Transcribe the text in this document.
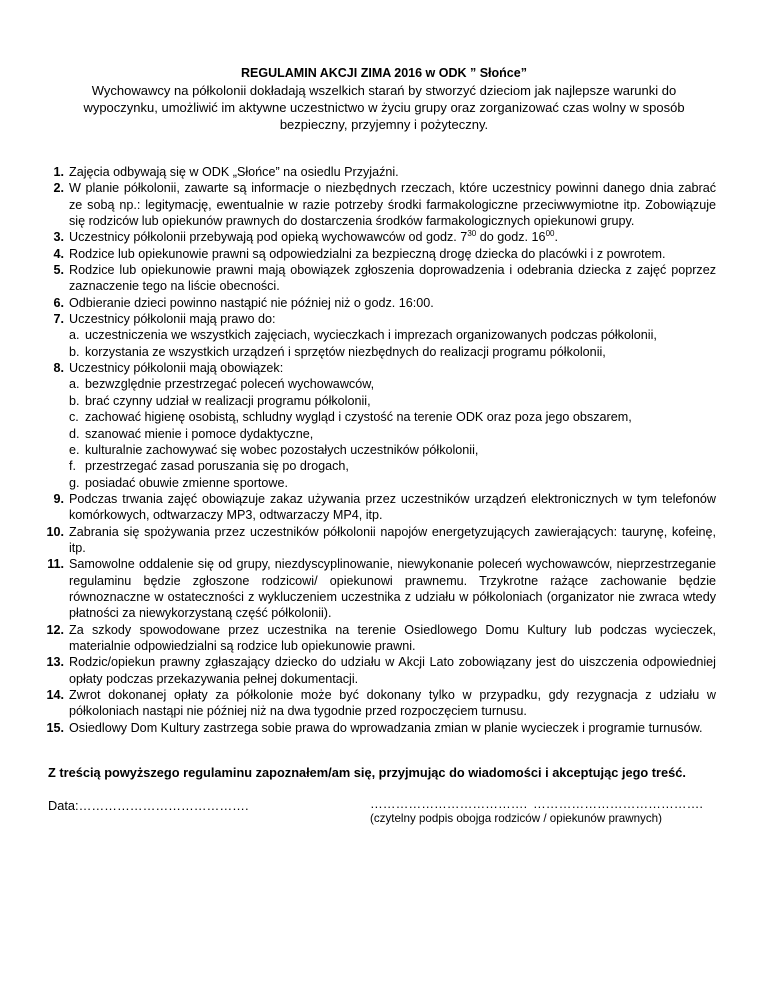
REGULAMIN AKCJI ZIMA 2016 w ODK ” Słońce”
Wychowawcy na półkolonii dokładają wszelkich starań by stworzyć dzieciom jak najlepsze warunki do wypoczynku, umożliwić im aktywne uczestnictwo w życiu grupy oraz zorganizować czas wolny w sposób bezpieczny, przyjemny i pożyteczny.
1. Zajęcia odbywają się w ODK „Słońce” na osiedlu Przyjaźni.
2. W planie półkolonii, zawarte są informacje o niezbędnych rzeczach, które uczestnicy powinni danego dnia zabrać ze sobą np.: legitymację, ewentualnie w razie potrzeby środki farmakologiczne przeciwwymiotne itp. Zobowiązuje się rodziców lub opiekunów prawnych do dostarczenia środków farmakologicznych opiekunowi grupy.
3. Uczestnicy półkolonii przebywają pod opieką wychowawców od godz. $7^{30}$ do godz. $16^{00}$.
4. Rodzice lub opiekunowie prawni są odpowiedzialni za bezpieczną drogę dziecka do placówki i z powrotem.
5. Rodzice lub opiekunowie prawni mają obowiązek zgłoszenia doprowadzenia i odebrania dziecka z zajęć poprzez zaznaczenie tego na liście obecności.
6. Odbieranie dzieci powinno nastąpić nie później niż o godz. 16:00.
7. Uczestnicy półkolonii mają prawo do:
a. uczestniczenia we wszystkich zajęciach, wycieczkach i imprezach organizowanych podczas półkolonii,
b. korzystania ze wszystkich urządzeń i sprzętów niezbędnych do realizacji programu półkolonii,
8. Uczestnicy półkolonii mają obowiązek:
a. bezwzględnie przestrzegać poleceń wychowawców,
b. brać czynny udział w realizacji programu półkolonii,
c. zachować higienę osobistą, schludny wygląd i czystość na terenie ODK oraz poza jego obszarem,
d. szanować mienie i pomoce dydaktyczne,
e. kulturalnie zachowywać się wobec pozostałych uczestników półkolonii,
f. przestrzegać zasad poruszania się po drogach,
g. posiadać obuwie zmienne sportowe.
9. Podczas trwania zajęć obowiązuje zakaz używania przez uczestników urządzeń elektronicznych w tym telefonów komórkowych, odtwarzaczy MP3, odtwarzaczy MP4, itp.
10. Zabrania się spożywania przez uczestników półkolonii napojów energetyzujących zawierających: taurynę, kofeinę, itp.
11. Samowolne oddalenie się od grupy, niezdyscyplinowanie, niewykonanie poleceń wychowawców, nieprzestrzeganie regulaminu będzie zgłoszone rodzicowi/ opiekunowi prawnemu. Trzykrotne rażące zachowanie będzie równoznaczne w ostateczności z wykluczeniem uczestnika z udziału w półkoloniach (organizator nie zwraca wtedy płatności za niewykorzystaną część półkolonii).
12. Za szkody spowodowane przez uczestnika na terenie Osiedlowego Domu Kultury lub podczas wycieczek, materialnie odpowiedzialni są rodzice lub opiekunowie prawni.
13. Rodzic/opiekun prawny zgłaszający dziecko do udziału w Akcji Lato zobowiązany jest do uiszczenia odpowiedniej opłaty podczas przekazywania pełnej dokumentacji.
14. Zwrot dokonanej opłaty za półkolonie może być dokonany tylko w przypadku, gdy rezygnacja z udziału w półkoloniach nastąpi nie później niż na dwa tygodnie przed rozpoczęciem turnusu.
15. Osiedlowy Dom Kultury zastrzega sobie prawa do wprowadzania zmian w planie wycieczek i programie turnusów.
Z treścią powyższego regulaminu zapoznałem/am się, przyjmując do wiadomości i akceptując jego treść.
Data:………………………………….	………………………………. ………………………………….
(czytelny podpis obojga rodziców / opiekunów prawnych)
